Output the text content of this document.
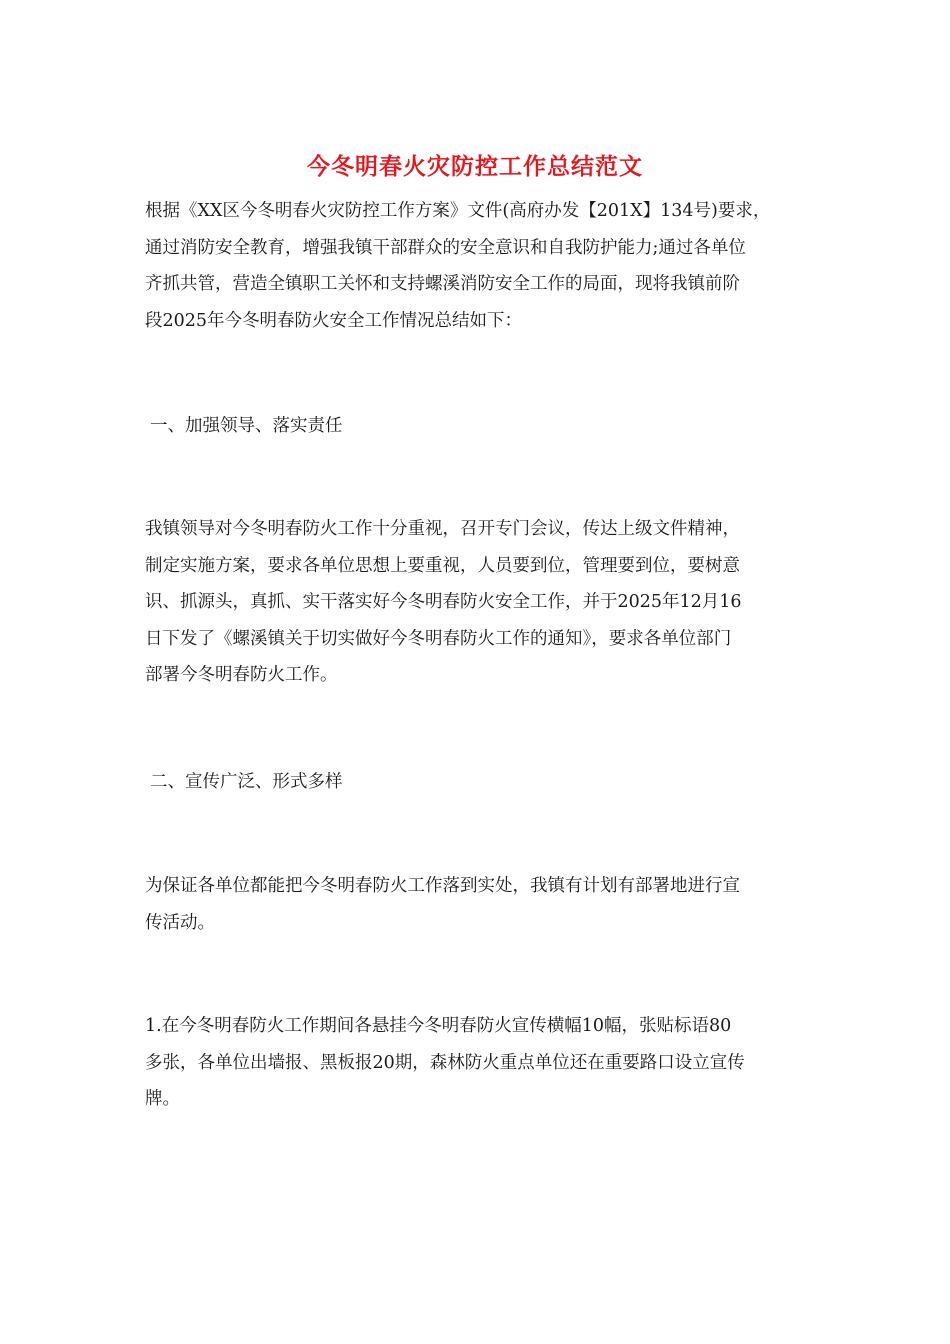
今冬明春火灾防控工作总结范文
根据《XX区今冬明春火灾防控工作方案》文件(高府办发【201X】134号)要求，
通过消防安全教育，增强我镇干部群众的安全意识和自我防护能力;通过各单位
齐抓共管，营造全镇职工关怀和支持螺溪消防安全工作的局面，现将我镇前阶
段2025年今冬明春防火安全工作情况总结如下：
一、加强领导、落实责任
我镇领导对今冬明春防火工作十分重视，召开专门会议，传达上级文件精神，
制定实施方案，要求各单位思想上要重视，人员要到位，管理要到位，要树意
识、抓源头，真抓、实干落实好今冬明春防火安全工作，并于2025年12月16
日下发了《螺溪镇关于切实做好今冬明春防火工作的通知》，要求各单位部门
部署今冬明春防火工作。
二、宣传广泛、形式多样
为保证各单位都能把今冬明春防火工作落到实处，我镇有计划有部署地进行宣
传活动。
1.在今冬明春防火工作期间各悬挂今冬明春防火宣传横幅10幅，张贴标语80
多张，各单位出墙报、黑板报20期，森林防火重点单位还在重要路口设立宣传
牌。
